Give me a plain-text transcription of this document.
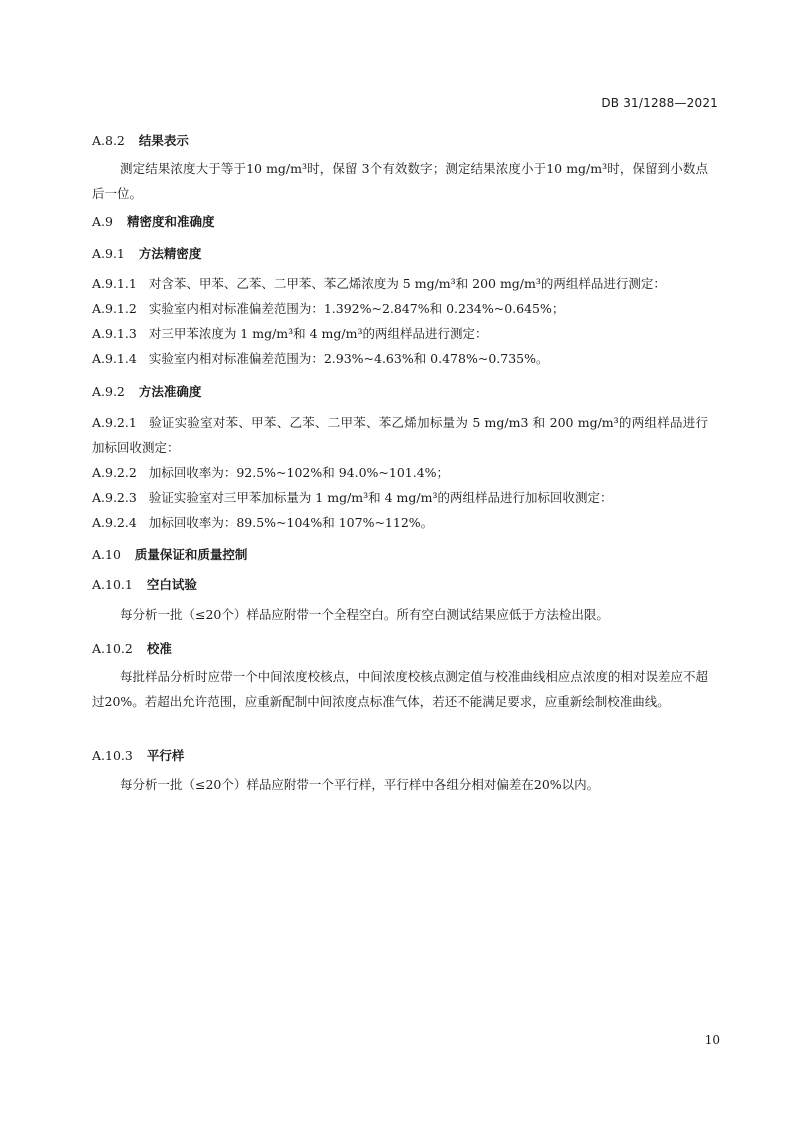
DB 31/1288—2021
A.8.2 结果表示
测定结果浓度大于等于10 mg/m³时，保留 3个有效数字；测定结果浓度小于10 mg/m³时，保留到小数点后一位。
A.9 精密度和准确度
A.9.1 方法精密度
A.9.1.1 对含苯、甲苯、乙苯、二甲苯、苯乙烯浓度为 5 mg/m³和 200 mg/m³的两组样品进行测定：
A.9.1.2 实验室内相对标准偏差范围为：1.392%~2.847%和 0.234%~0.645%；
A.9.1.3 对三甲苯浓度为 1 mg/m³和 4 mg/m³的两组样品进行测定：
A.9.1.4 实验室内相对标准偏差范围为：2.93%~4.63%和 0.478%~0.735%。
A.9.2 方法准确度
A.9.2.1 验证实验室对苯、甲苯、乙苯、二甲苯、苯乙烯加标量为 5 mg/m3 和 200 mg/m³的两组样品进行加标回收测定：
A.9.2.2 加标回收率为：92.5%~102%和 94.0%~101.4%；
A.9.2.3 验证实验室对三甲苯加标量为 1 mg/m³和 4 mg/m³的两组样品进行加标回收测定：
A.9.2.4 加标回收率为：89.5%~104%和 107%~112%。
A.10 质量保证和质量控制
A.10.1 空白试验
每分析一批（≤20个）样品应附带一个全程空白。所有空白测试结果应低于方法检出限。
A.10.2 校准
每批样品分析时应带一个中间浓度校核点，中间浓度校核点测定值与校准曲线相应点浓度的相对误差应不超过20%。若超出允许范围，应重新配制中间浓度点标准气体，若还不能满足要求，应重新绘制校准曲线。
A.10.3 平行样
每分析一批（≤20个）样品应附带一个平行样，平行样中各组分相对偏差在20%以内。
10
